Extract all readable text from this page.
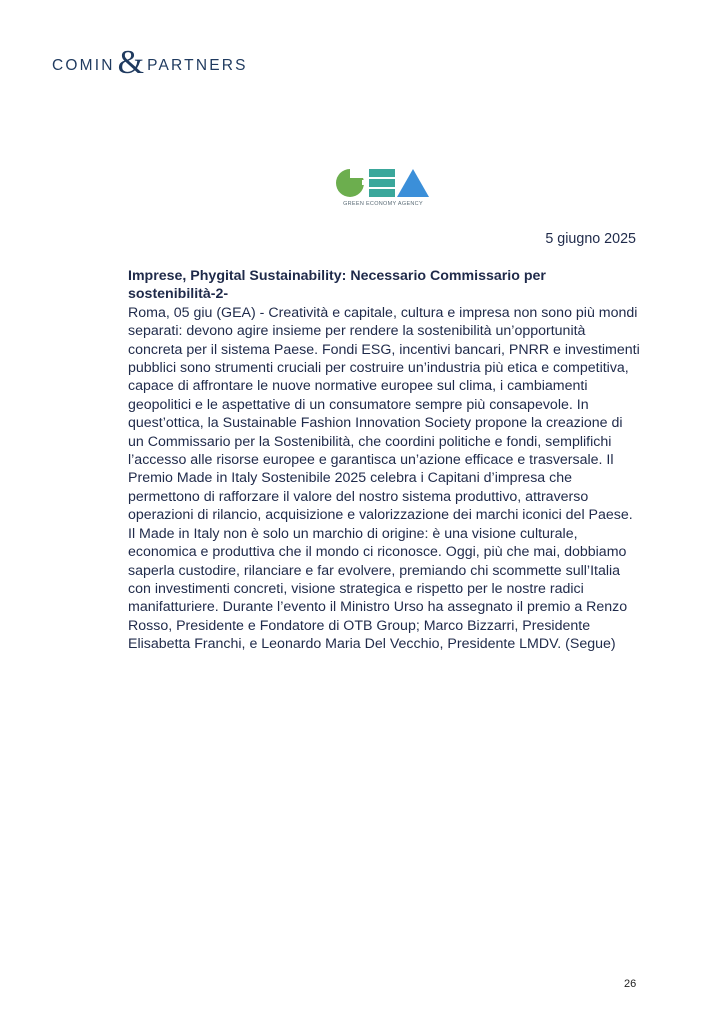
COMIN & PARTNERS
GREEN ECONOMY AGENCY
5 giugno 2025

Imprese, Phygital Sustainability: Necessario Commissario per sostenibilità-2-

Roma, 05 giu (GEA) - Creatività e capitale, cultura e impresa non sono più mondi separati: devono agire insieme per rendere la sostenibilità un’opportunità concreta per il sistema Paese. Fondi ESG, incentivi bancari, PNRR e investimenti pubblici sono strumenti cruciali per costruire un’industria più etica e competitiva, capace di affrontare le nuove normative europee sul clima, i cambiamenti geopolitici e le aspettative di un consumatore sempre più consapevole. In quest’ottica, la Sustainable Fashion Innovation Society propone la creazione di un Commissario per la Sostenibilità, che coordini politiche e fondi, semplifichi l’accesso alle risorse europee e garantisca un’azione efficace e trasversale. Il Premio Made in Italy Sostenibile 2025 celebra i Capitani d’impresa che permettono di rafforzare il valore del nostro sistema produttivo, attraverso operazioni di rilancio, acquisizione e valorizzazione dei marchi iconici del Paese. Il Made in Italy non è solo un marchio di origine: è una visione culturale, economica e produttiva che il mondo ci riconosce. Oggi, più che mai, dobbiamo saperla custodire, rilanciare e far evolvere, premiando chi scommette sull’Italia con investimenti concreti, visione strategica e rispetto per le nostre radici manifatturiere. Durante l’evento il Ministro Urso ha assegnato il premio a Renzo Rosso, Presidente e Fondatore di OTB Group; Marco Bizzarri, Presidente Elisabetta Franchi, e Leonardo Maria Del Vecchio, Presidente LMDV. (Segue)

26
